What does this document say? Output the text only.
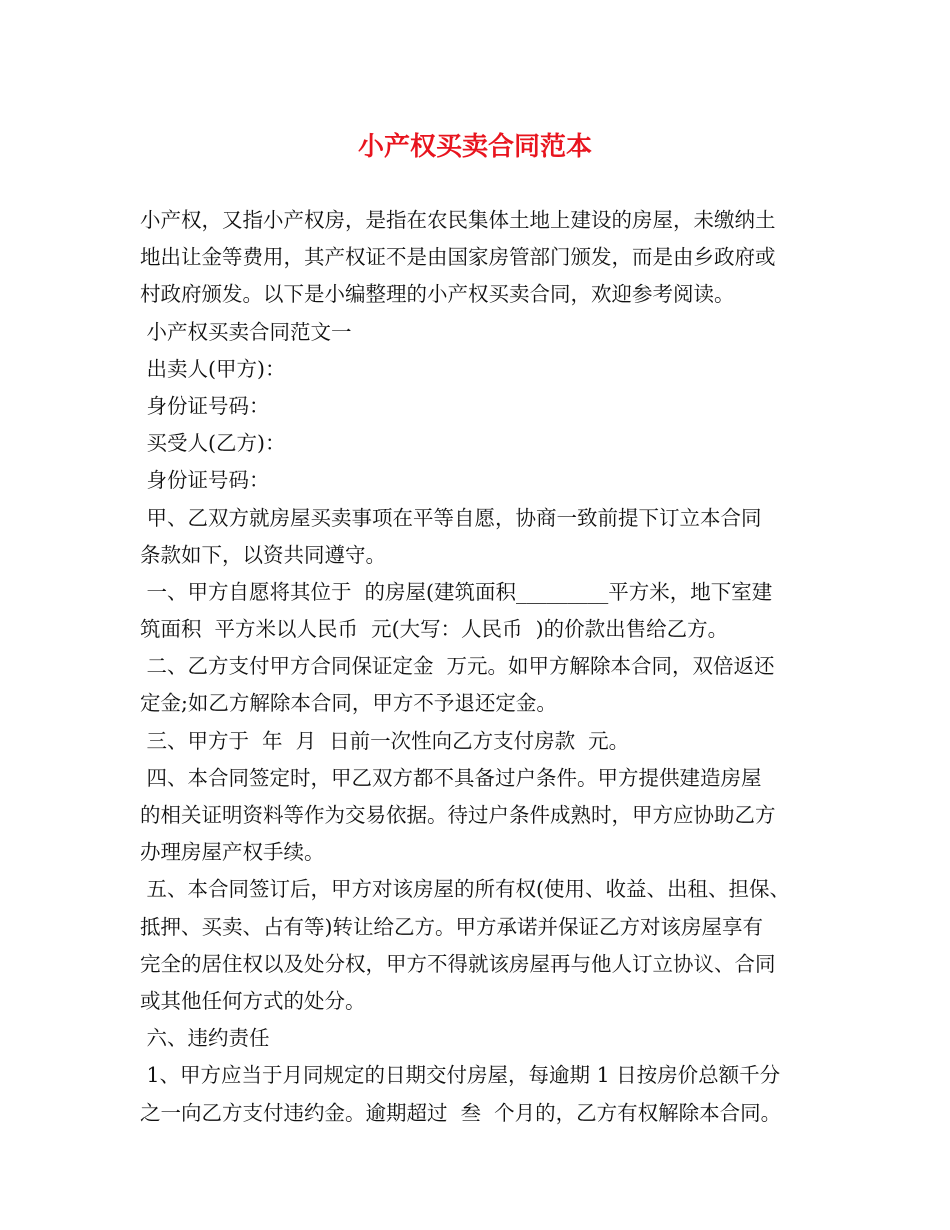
小产权买卖合同范本
小产权，又指小产权房，是指在农民集体土地上建设的房屋，未缴纳土
地出让金等费用，其产权证不是由国家房管部门颁发，而是由乡政府或
村政府颁发。以下是小编整理的小产权买卖合同，欢迎参考阅读。
小产权买卖合同范文一
出卖人(甲方)：
身份证号码：
买受人(乙方)：
身份证号码：
甲、乙双方就房屋买卖事项在平等自愿，协商一致前提下订立本合同
条款如下，以资共同遵守。
一、甲方自愿将其位于  的房屋(建筑面积_________平方米，地下室建
筑面积  平方米以人民币  元(大写：人民币  )的价款出售给乙方。
二、乙方支付甲方合同保证定金  万元。如甲方解除本合同，双倍返还
定金;如乙方解除本合同，甲方不予退还定金。
三、甲方于  年  月  日前一次性向乙方支付房款  元。
四、本合同签定时，甲乙双方都不具备过户条件。甲方提供建造房屋
的相关证明资料等作为交易依据。待过户条件成熟时，甲方应协助乙方
办理房屋产权手续。
五、本合同签订后，甲方对该房屋的所有权(使用、收益、出租、担保、
抵押、买卖、占有等)转让给乙方。甲方承诺并保证乙方对该房屋享有
完全的居住权以及处分权，甲方不得就该房屋再与他人订立协议、合同
或其他任何方式的处分。
六、违约责任
1、甲方应当于月同规定的日期交付房屋，每逾期 1 日按房价总额千分
之一向乙方支付违约金。逾期超过  叁  个月的，乙方有权解除本合同。
